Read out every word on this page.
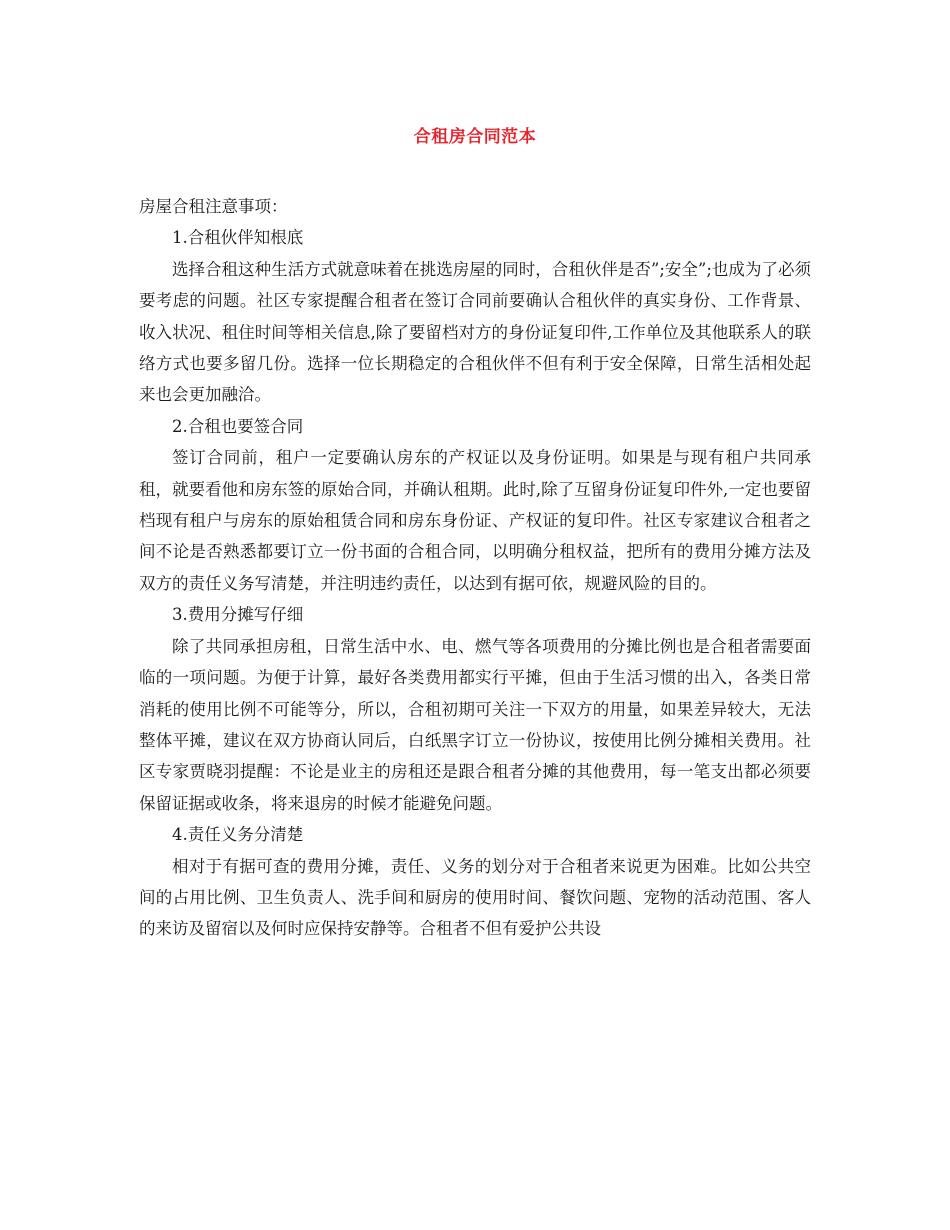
合租房合同范本

房屋合租注意事项：

1.合租伙伴知根底

选择合租这种生活方式就意味着在挑选房屋的同时，合租伙伴是否”;安全”;也成为了必须要考虑的问题。社区专家提醒合租者在签订合同前要确认合租伙伴的真实身份、工作背景、收入状况、租住时间等相关信息,除了要留档对方的身份证复印件,工作单位及其他联系人的联络方式也要多留几份。选择一位长期稳定的合租伙伴不但有利于安全保障，日常生活相处起来也会更加融洽。

2.合租也要签合同

签订合同前，租户一定要确认房东的产权证以及身份证明。如果是与现有租户共同承租，就要看他和房东签的原始合同，并确认租期。此时,除了互留身份证复印件外,一定也要留档现有租户与房东的原始租赁合同和房东身份证、产权证的复印件。社区专家建议合租者之间不论是否熟悉都要订立一份书面的合租合同，以明确分租权益，把所有的费用分摊方法及双方的责任义务写清楚，并注明违约责任，以达到有据可依，规避风险的目的。

3.费用分摊写仔细

除了共同承担房租，日常生活中水、电、燃气等各项费用的分摊比例也是合租者需要面临的一项问题。为便于计算，最好各类费用都实行平摊，但由于生活习惯的出入，各类日常消耗的使用比例不可能等分，所以，合租初期可关注一下双方的用量，如果差异较大，无法整体平摊，建议在双方协商认同后，白纸黑字订立一份协议，按使用比例分摊相关费用。社区专家贾晓羽提醒：不论是业主的房租还是跟合租者分摊的其他费用，每一笔支出都必须要保留证据或收条，将来退房的时候才能避免问题。

4.责任义务分清楚

相对于有据可查的费用分摊，责任、义务的划分对于合租者来说更为困难。比如公共空间的占用比例、卫生负责人、洗手间和厨房的使用时间、餐饮问题、宠物的活动范围、客人的来访及留宿以及何时应保持安静等。合租者不但有爱护公共设
